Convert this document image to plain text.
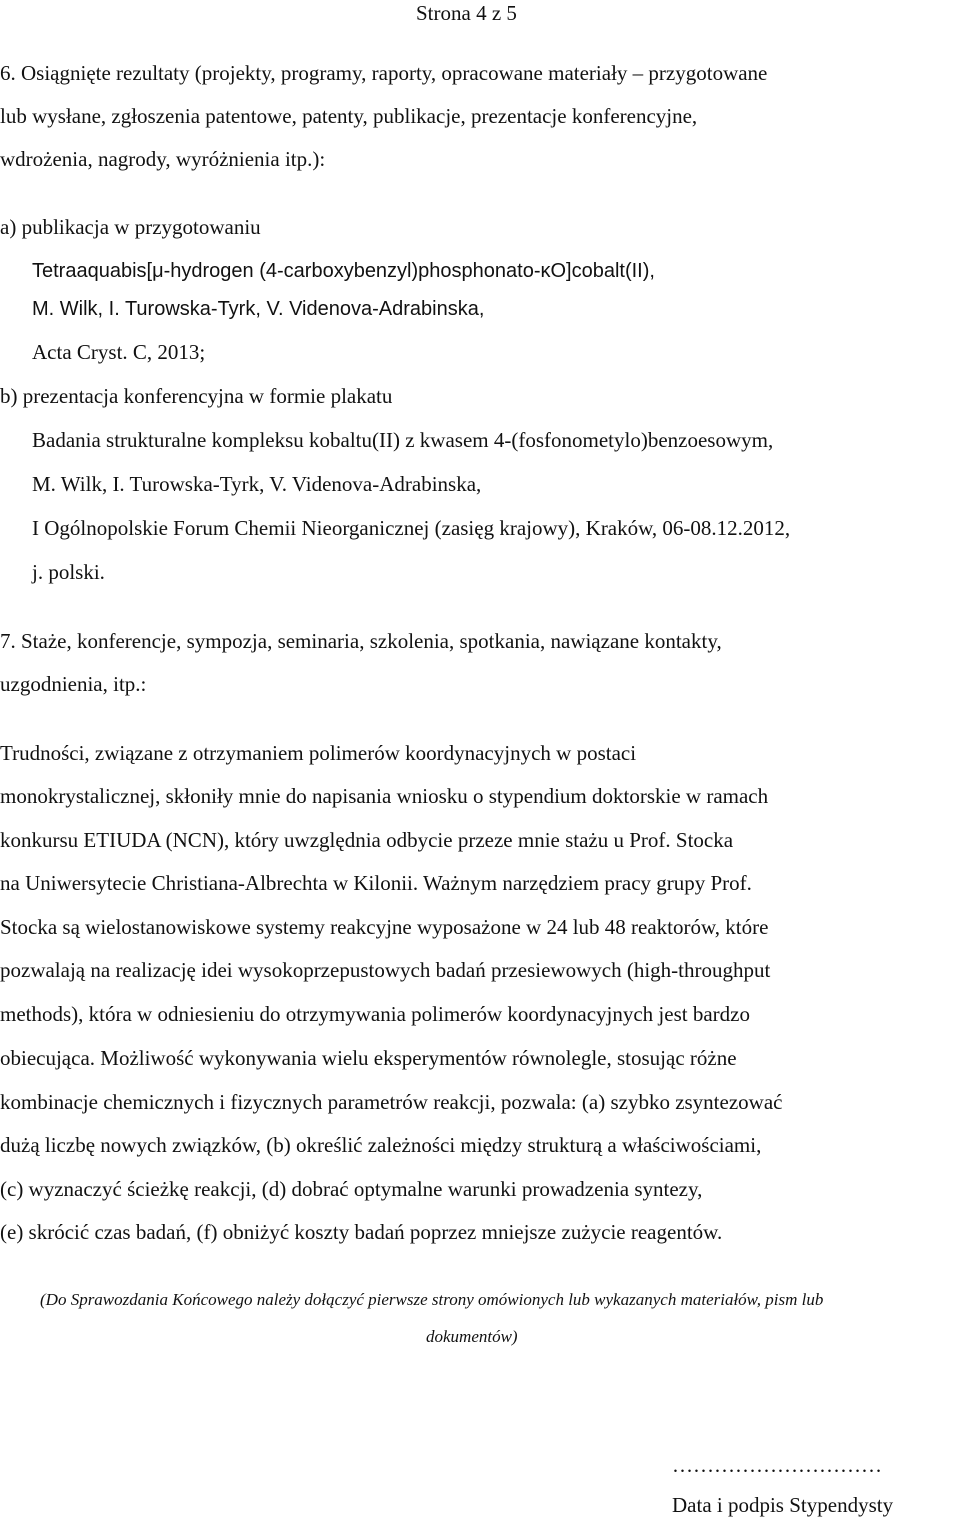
Strona 4 z 5
6. Osiągnięte rezultaty (projekty, programy, raporty, opracowane materiały – przygotowane
lub wysłane, zgłoszenia patentowe, patenty, publikacje, prezentacje konferencyjne,
wdrożenia, nagrody, wyróżnienia itp.):
a) publikacja w przygotowaniu
Tetraaquabis[μ-hydrogen (4-carboxybenzyl)phosphonato-κO]cobalt(II),
M. Wilk, I. Turowska-Tyrk, V. Videnova-Adrabinska,
Acta Cryst. C, 2013;
b) prezentacja konferencyjna w formie plakatu
Badania strukturalne kompleksu kobaltu(II) z kwasem 4-(fosfonometylo)benzoesowym,
M. Wilk, I. Turowska-Tyrk, V. Videnova-Adrabinska,
I Ogólnopolskie Forum Chemii Nieorganicznej (zasięg krajowy), Kraków, 06-08.12.2012,
j. polski.
7. Staże, konferencje, sympozja, seminaria, szkolenia, spotkania, nawiązane kontakty,
uzgodnienia, itp.:
Trudności, związane z otrzymaniem polimerów koordynacyjnych w postaci
monokrystalicznej, skłoniły mnie do napisania wniosku o stypendium doktorskie w ramach
konkursu ETIUDA (NCN), który uwzględnia odbycie przeze mnie stażu u Prof. Stocka
na Uniwersytecie Christiana-Albrechta w Kilonii. Ważnym narzędziem pracy grupy Prof.
Stocka są wielostanowiskowe systemy reakcyjne wyposażone w 24 lub 48 reaktorów, które
pozwalają na realizację idei wysokoprzepustowych badań przesiewowych (high-throughput
methods), która w odniesieniu do otrzymywania polimerów koordynacyjnych jest bardzo
obiecująca. Możliwość wykonywania wielu eksperymentów równolegle, stosując różne
kombinacje chemicznych i fizycznych parametrów reakcji, pozwala: (a) szybko zsyntezować
dużą liczbę nowych związków, (b) określić zależności między strukturą a właściwościami,
(c) wyznaczyć ścieżkę reakcji, (d) dobrać optymalne warunki prowadzenia syntezy,
(e) skrócić czas badań, (f) obniżyć koszty badań poprzez mniejsze zużycie reagentów.
(Do Sprawozdania Końcowego należy dołączyć pierwsze strony omówionych lub wykazanych materiałów, pism lub
dokumentów)
…………………………
Data i podpis Stypendysty
